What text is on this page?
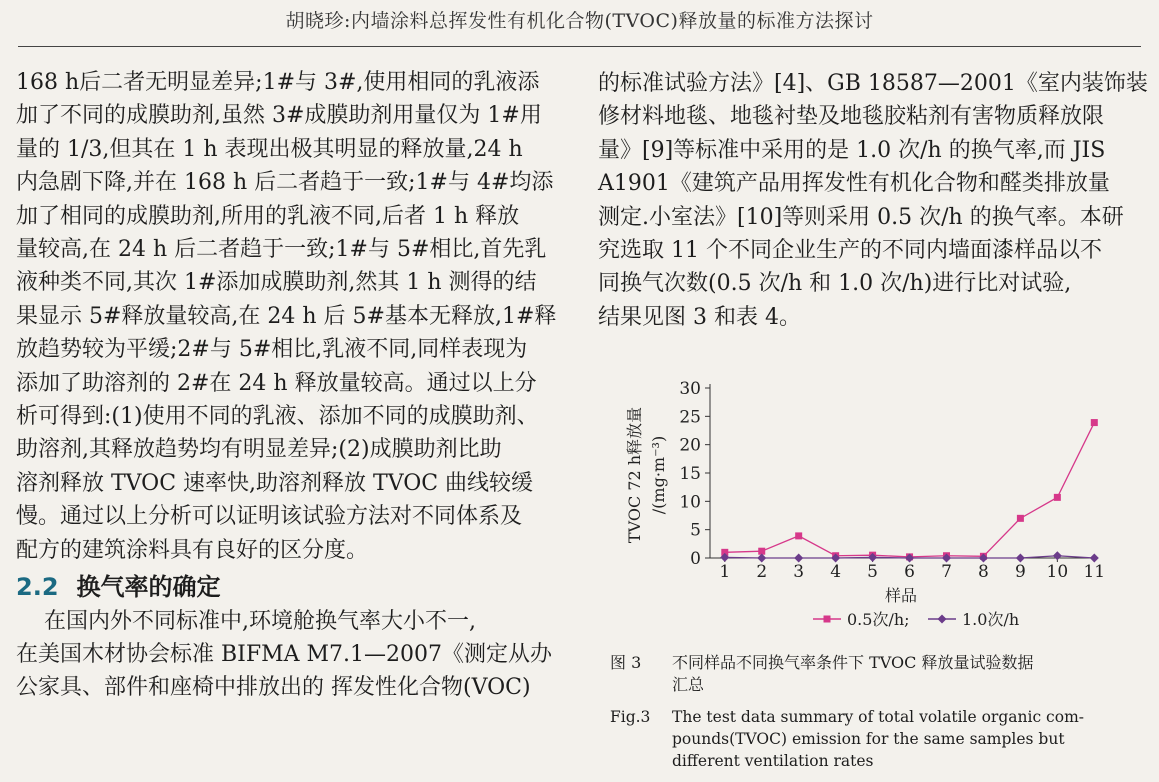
胡晓珍:内墙涂料总挥发性有机化合物(TVOC)释放量的标准方法探讨

168 h后二者无明显差异;1#与 3#,使用相同的乳液添

加了不同的成膜助剂,虽然 3#成膜助剂用量仅为 1#用

量的 1/3,但其在 1 h 表现出极其明显的释放量,24 h

内急剧下降,并在 168 h 后二者趋于一致;1#与 4#均添

加了相同的成膜助剂,所用的乳液不同,后者 1 h 释放

量较高,在 24 h 后二者趋于一致;1#与 5#相比,首先乳

液种类不同,其次 1#添加成膜助剂,然其 1 h 测得的结

果显示 5#释放量较高,在 24 h 后 5#基本无释放,1#释

放趋势较为平缓;2#与 5#相比,乳液不同,同样表现为

添加了助溶剂的 2#在 24 h 释放量较高。通过以上分

析可得到:(1)使用不同的乳液、添加不同的成膜助剂、

助溶剂,其释放趋势均有明显差异;(2)成膜助剂比助

溶剂释放 TVOC 速率快,助溶剂释放 TVOC 曲线较缓

慢。通过以上分析可以证明该试验方法对不同体系及

配方的建筑涂料具有良好的区分度。

2.2 换气率的确定

在国内外不同标准中,环境舱换气率大小不一,

在美国木材协会标准 BIFMA M7.1—2007《测定从办

公家具、部件和座椅中排放出的 挥发性化合物(VOC)

的标准试验方法》[4]、GB 18587—2001《室内装饰装

修材料地毯、地毯衬垫及地毯胶粘剂有害物质释放限

量》[9]等标准中采用的是 1.0 次/h 的换气率,而 JIS

A1901《建筑产品用挥发性有机化合物和醛类排放量

测定.小室法》[10]等则采用 0.5 次/h 的换气率。本研

究选取 11 个不同企业生产的不同内墙面漆样品以不

同换气次数(0.5 次/h 和 1.0 次/h)进行比对试验,

结果见图 3 和表 4。

TVOC 72 h释放量 /(mg·m⁻³)
样品
0
5
10
15
20
25
30
1 2 3 4 5 6 7 8 9 10 11
0.5次/h;	1.0次/h
图 3 不同样品不同换气率条件下 TVOC 释放量试验数据
汇总
Fig.3 The test data summary of total volatile organic com-
pounds(TVOC) emission for the same samples but
different ventilation rates
